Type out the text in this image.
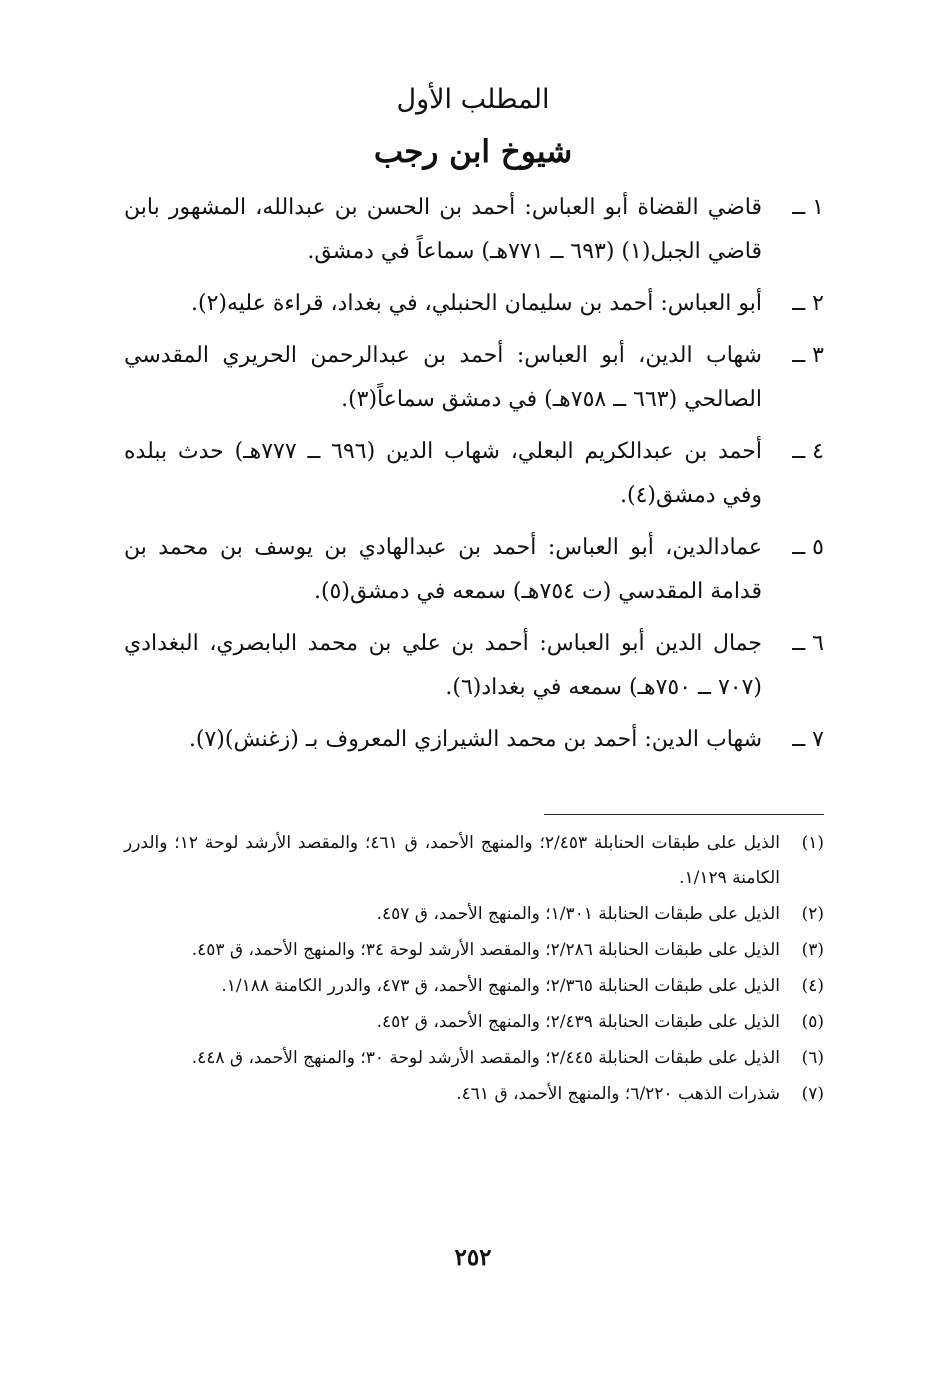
المطلب الأول
شيوخ ابن رجب
١ ــ
قاضي القضاة أبو العباس: أحمد بن الحسن بن عبدالله، المشهور بابن قاضي الجبل(١) (٦٩٣ ــ ٧٧١هـ) سماعاً في دمشق.
٢ ــ
أبو العباس: أحمد بن سليمان الحنبلي، في بغداد، قراءة عليه(٢).
٣ ــ
شهاب الدين، أبو العباس: أحمد بن عبدالرحمن الحريري المقدسي الصالحي (٦٦٣ ــ ٧٥٨هـ) في دمشق سماعاً(٣).
٤ ــ
أحمد بن عبدالكريم البعلي، شهاب الدين (٦٩٦ ــ ٧٧٧هـ) حدث ببلده وفي دمشق(٤).
٥ ــ
عمادالدين، أبو العباس: أحمد بن عبدالهادي بن يوسف بن محمد بن قدامة المقدسي (ت ٧٥٤هـ) سمعه في دمشق(٥).
٦ ــ
جمال الدين أبو العباس: أحمد بن علي بن محمد البابصري، البغدادي (٧٠٧ ــ ٧٥٠هـ) سمعه في بغداد(٦).
٧ ــ
شهاب الدين: أحمد بن محمد الشيرازي المعروف بـ (زغنش)(٧).
(١)
الذيل على طبقات الحنابلة ٢/٤٥٣؛ والمنهج الأحمد، ق ٤٦١؛ والمقصد الأرشد لوحة ١٢؛ والدرر الكامنة ١/١٢٩.
(٢)
الذيل على طبقات الحنابلة ١/٣٠١؛ والمنهج الأحمد، ق ٤٥٧.
(٣)
الذيل على طبقات الحنابلة ٢/٢٨٦؛ والمقصد الأرشد لوحة ٣٤؛ والمنهج الأحمد، ق ٤٥٣.
(٤)
الذيل على طبقات الحنابلة ٢/٣٦٥؛ والمنهج الأحمد، ق ٤٧٣، والدرر الكامنة ١/١٨٨.
(٥)
الذيل على طبقات الحنابلة ٢/٤٣٩؛ والمنهج الأحمد، ق ٤٥٢.
(٦)
الذيل على طبقات الحنابلة ٢/٤٤٥؛ والمقصد الأرشد لوحة ٣٠؛ والمنهج الأحمد، ق ٤٤٨.
(٧)
شذرات الذهب ٦/٢٢٠؛ والمنهج الأحمد، ق ٤٦١.
٢٥٢
